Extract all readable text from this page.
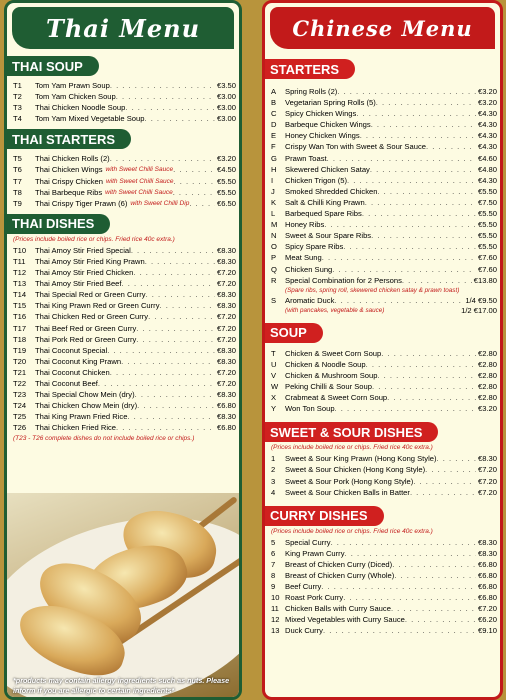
Thai Menu
THAI SOUP
T1	Tom Yam Prawn Soup . . .	€3.50
T2	Tom Yam Chicken Soup . . .	€3.00
T3	Thai Chicken Noodle Soup . . .	€3.00
T4	Tom Yam Mixed Vegetable Soup . . .	€3.00
THAI STARTERS
T5	Thai Chicken Rolls (2) . . .	€3.20
T6	Thai Chicken Wings with Sweet Chilli Sauce . . .	€4.50
T7	Thai Crispy Chicken with Sweet Chilli Sauce . . .	€5.50
T8	Thai Barbeque Ribs with Sweet Chilli Sauce . . .	€5.50
T9	Thai Crispy Tiger Prawn (6) with Sweet Chilli Dip . . .	€6.50
THAI DISHES
(Prices include boiled rice or chips. Fried rice 40c extra.)
T10	Thai Amoy Stir Fried Special . . .	€8.30
T11	Thai Amoy Stir Fried King Prawn . . .	€8.30
T12	Thai Amoy Stir Fried Chicken . . .	€7.20
T13	Thai Amoy Stir Fried Beef . . .	€7.20
T14	Thai Special Red or Green Curry . . .	€8.30
T15	Thai King Prawn Red or Green Curry . . .	€8.30
T16	Thai Chicken Red or Green Curry . . .	€7.20
T17	Thai Beef Red or Green Curry . . .	€7.20
T18	Thai Pork Red or Green Curry . . .	€7.20
T19	Thai Coconut Special . . .	€8.30
T20	Thai Coconut King Prawn . . .	€8.30
T21	Thai Coconut Chicken . . .	€7.20
T22	Thai Coconut Beef . . .	€7.20
T23	Thai Special Chow Mein (dry) . . .	€8.30
T24	Thai Chicken Chow Mein (dry) . . .	€6.80
T25	Thai King Prawn Fried Rice . . .	€8.30
T26	Thai Chicken Fried Rice . . .	€6.80
(T23 - T26 complete dishes do not include boiled rice or chips.)
*products may contain allergy ingredients such as nuts. Please inform if you are allergic to certain ingredients*
Chinese Menu
STARTERS
A	Spring Rolls (2) . . .	€3.20
B	Vegetarian Spring Rolls (5) . . .	€3.20
C	Spicy Chicken Wings . . .	€4.30
D	Barbeque Chicken Wings . . .	€4.30
E	Honey Chicken Wings . . .	€4.30
F	Crispy Wan Ton with Sweet & Sour Sauce . . .	€4.30
G	Prawn Toast . . .	€4.60
H	Skewered Chicken Satay . . .	€4.80
I	Chicken Trigon (5) . . .	€4.30
J	Smoked Shredded Chicken . . .	€5.50
K	Salt & Chilli King Prawn . . .	€7.50
L	Barbequed Spare Ribs . . .	€5.50
M	Honey Ribs . . .	€5.50
N	Sweet & Sour Spare Ribs . . .	€5.50
O	Spicy Spare Ribs . . .	€5.50
P	Meat Sung . . .	€7.60
Q	Chicken Sung . . .	€7.60
R	Special Combination for 2 Persons . . .	€13.80
(Spare ribs, spring roll, skewered chicken satay & prawn toast)
S	Aromatic Duck . . .	1/4 €9.50
(with pancakes, vegetable & sauce)	1/2 €17.00
SOUP
T	Chicken & Sweet Corn Soup . . .	€2.80
U	Chicken & Noodle Soup . . .	€2.80
V	Chicken & Mushroom Soup . . .	€2.80
W Peking Chilli & Sour Soup . . .	€2.80
X	Crabmeat & Sweet Corn Soup . . .	€2.80
Y	Won Ton Soup . . .	€3.20
SWEET & SOUR DISHES
(Prices include boiled rice or chips. Fried rice 40c extra.)
1	Sweet & Sour King Prawn (Hong Kong Style) . . .	€8.30
2	Sweet & Sour Chicken (Hong Kong Style) . . .	€7.20
3	Sweet & Sour Pork (Hong Kong Style) . . .	€7.20
4	Sweet & Sour Chicken Balls in Batter . . .	€7.20
CURRY DISHES
(Prices include boiled rice or chips. Fried rice 40c extra.)
5	Special Curry . . .	€8.30
6	King Prawn Curry . . .	€8.30
7	Breast of Chicken Curry (Diced) . . .	€6.80
8	Breast of Chicken Curry (Whole) . . .	€6.80
9	Beef Curry . . .	€6.80
10 Roast Pork Curry . . .	€6.80
11 Chicken Balls with Curry Sauce . . .	€7.20
12 Mixed Vegetables with Curry Sauce . . .	€6.20
13 Duck Curry . . .	€9.10
